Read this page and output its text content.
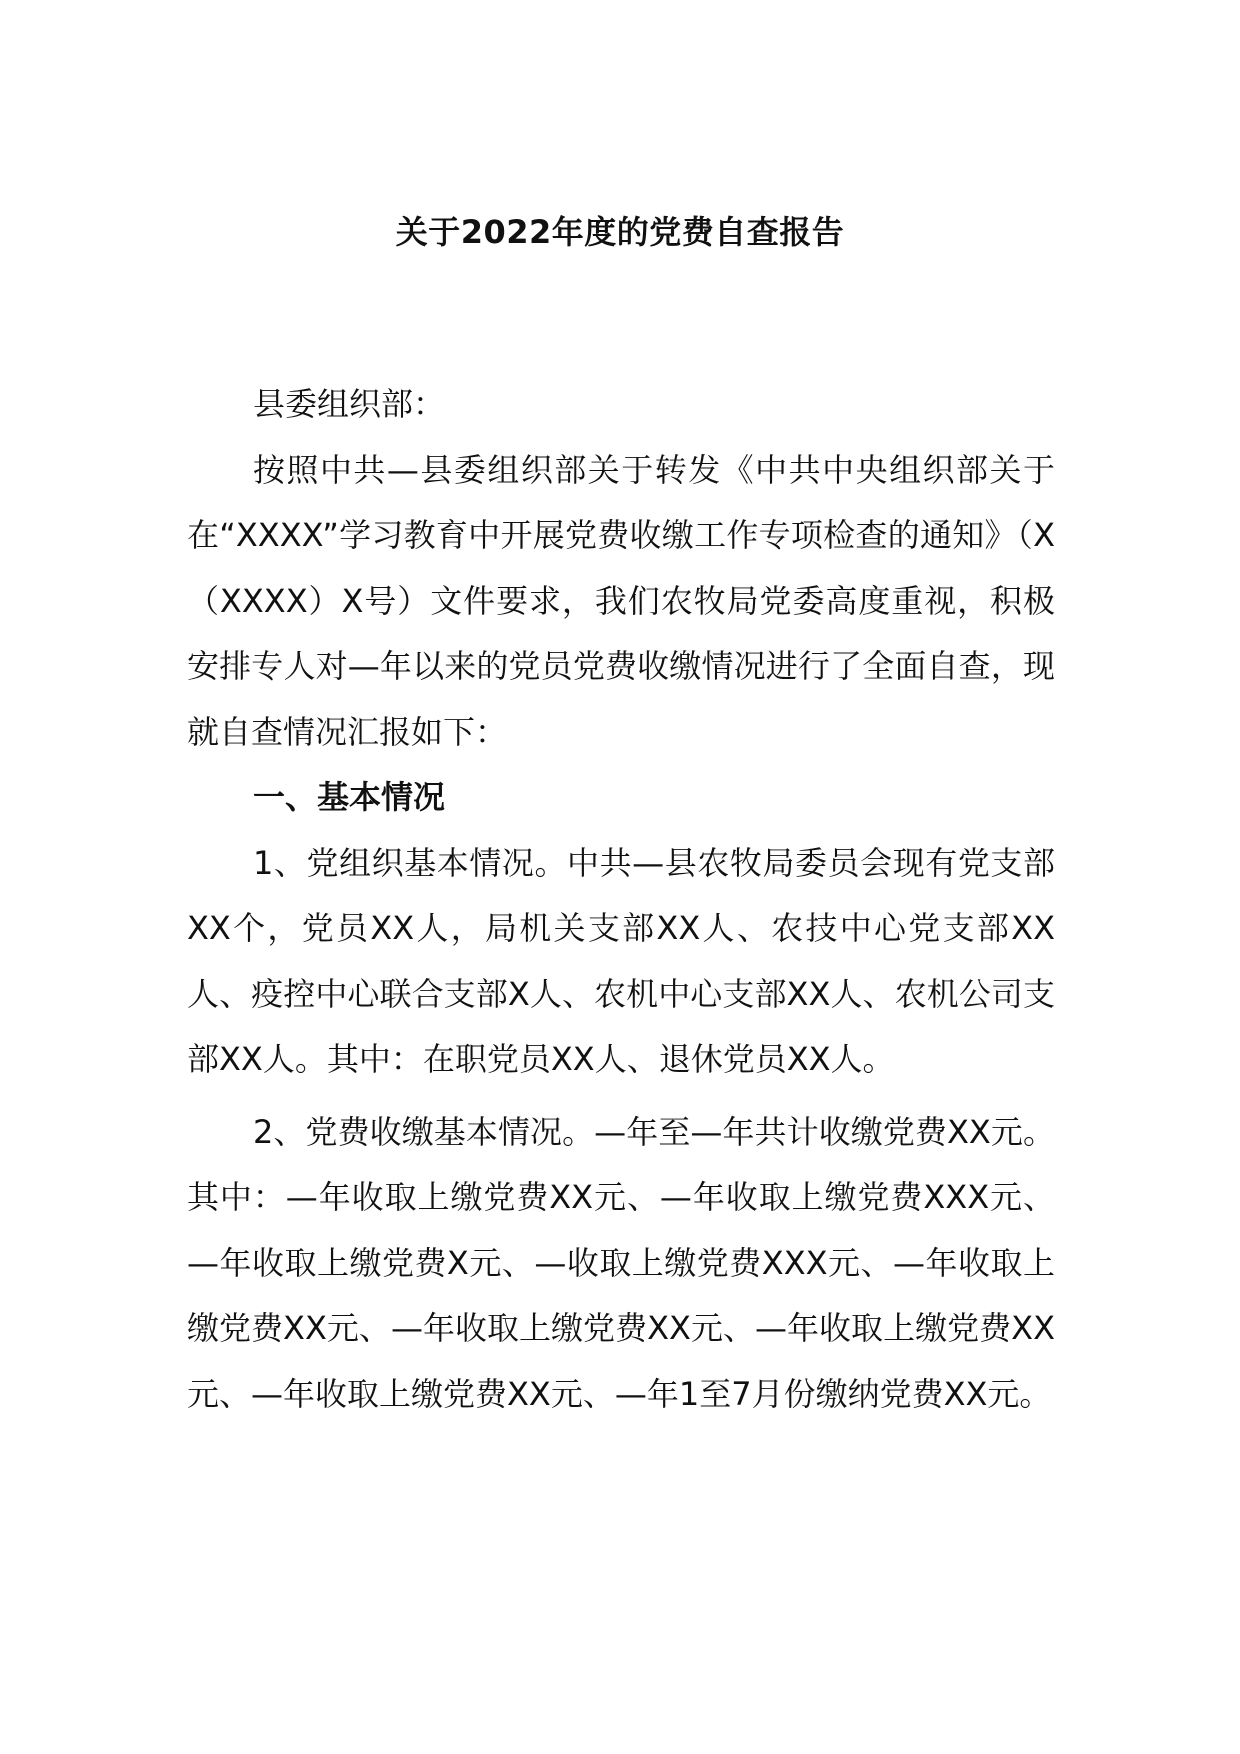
关于2022年度的党费自查报告

县委组织部：

按照中共—县委组织部关于转发《中共中央组织部关于在“XXXX”学习教育中开展党费收缴工作专项检查的通知》（X（XXXX）X号）文件要求，我们农牧局党委高度重视，积极安排专人对—年以来的党员党费收缴情况进行了全面自查，现就自查情况汇报如下：

一、基本情况

1、党组织基本情况。中共—县农牧局委员会现有党支部XX个，党员XX人，局机关支部XX人、农技中心党支部XX人、疫控中心联合支部X人、农机中心支部XX人、农机公司支部XX人。其中：在职党员XX人、退休党员XX人。

2、党费收缴基本情况。—年至—年共计收缴党费XX元。其中：—年收取上缴党费XX元、—年收取上缴党费XXX元、—年收取上缴党费X元、—收取上缴党费XXX元、—年收取上缴党费XX元、—年收取上缴党费XX元、—年收取上缴党费XX元、—年收取上缴党费XX元、—年1至7月份缴纳党费XX元。
